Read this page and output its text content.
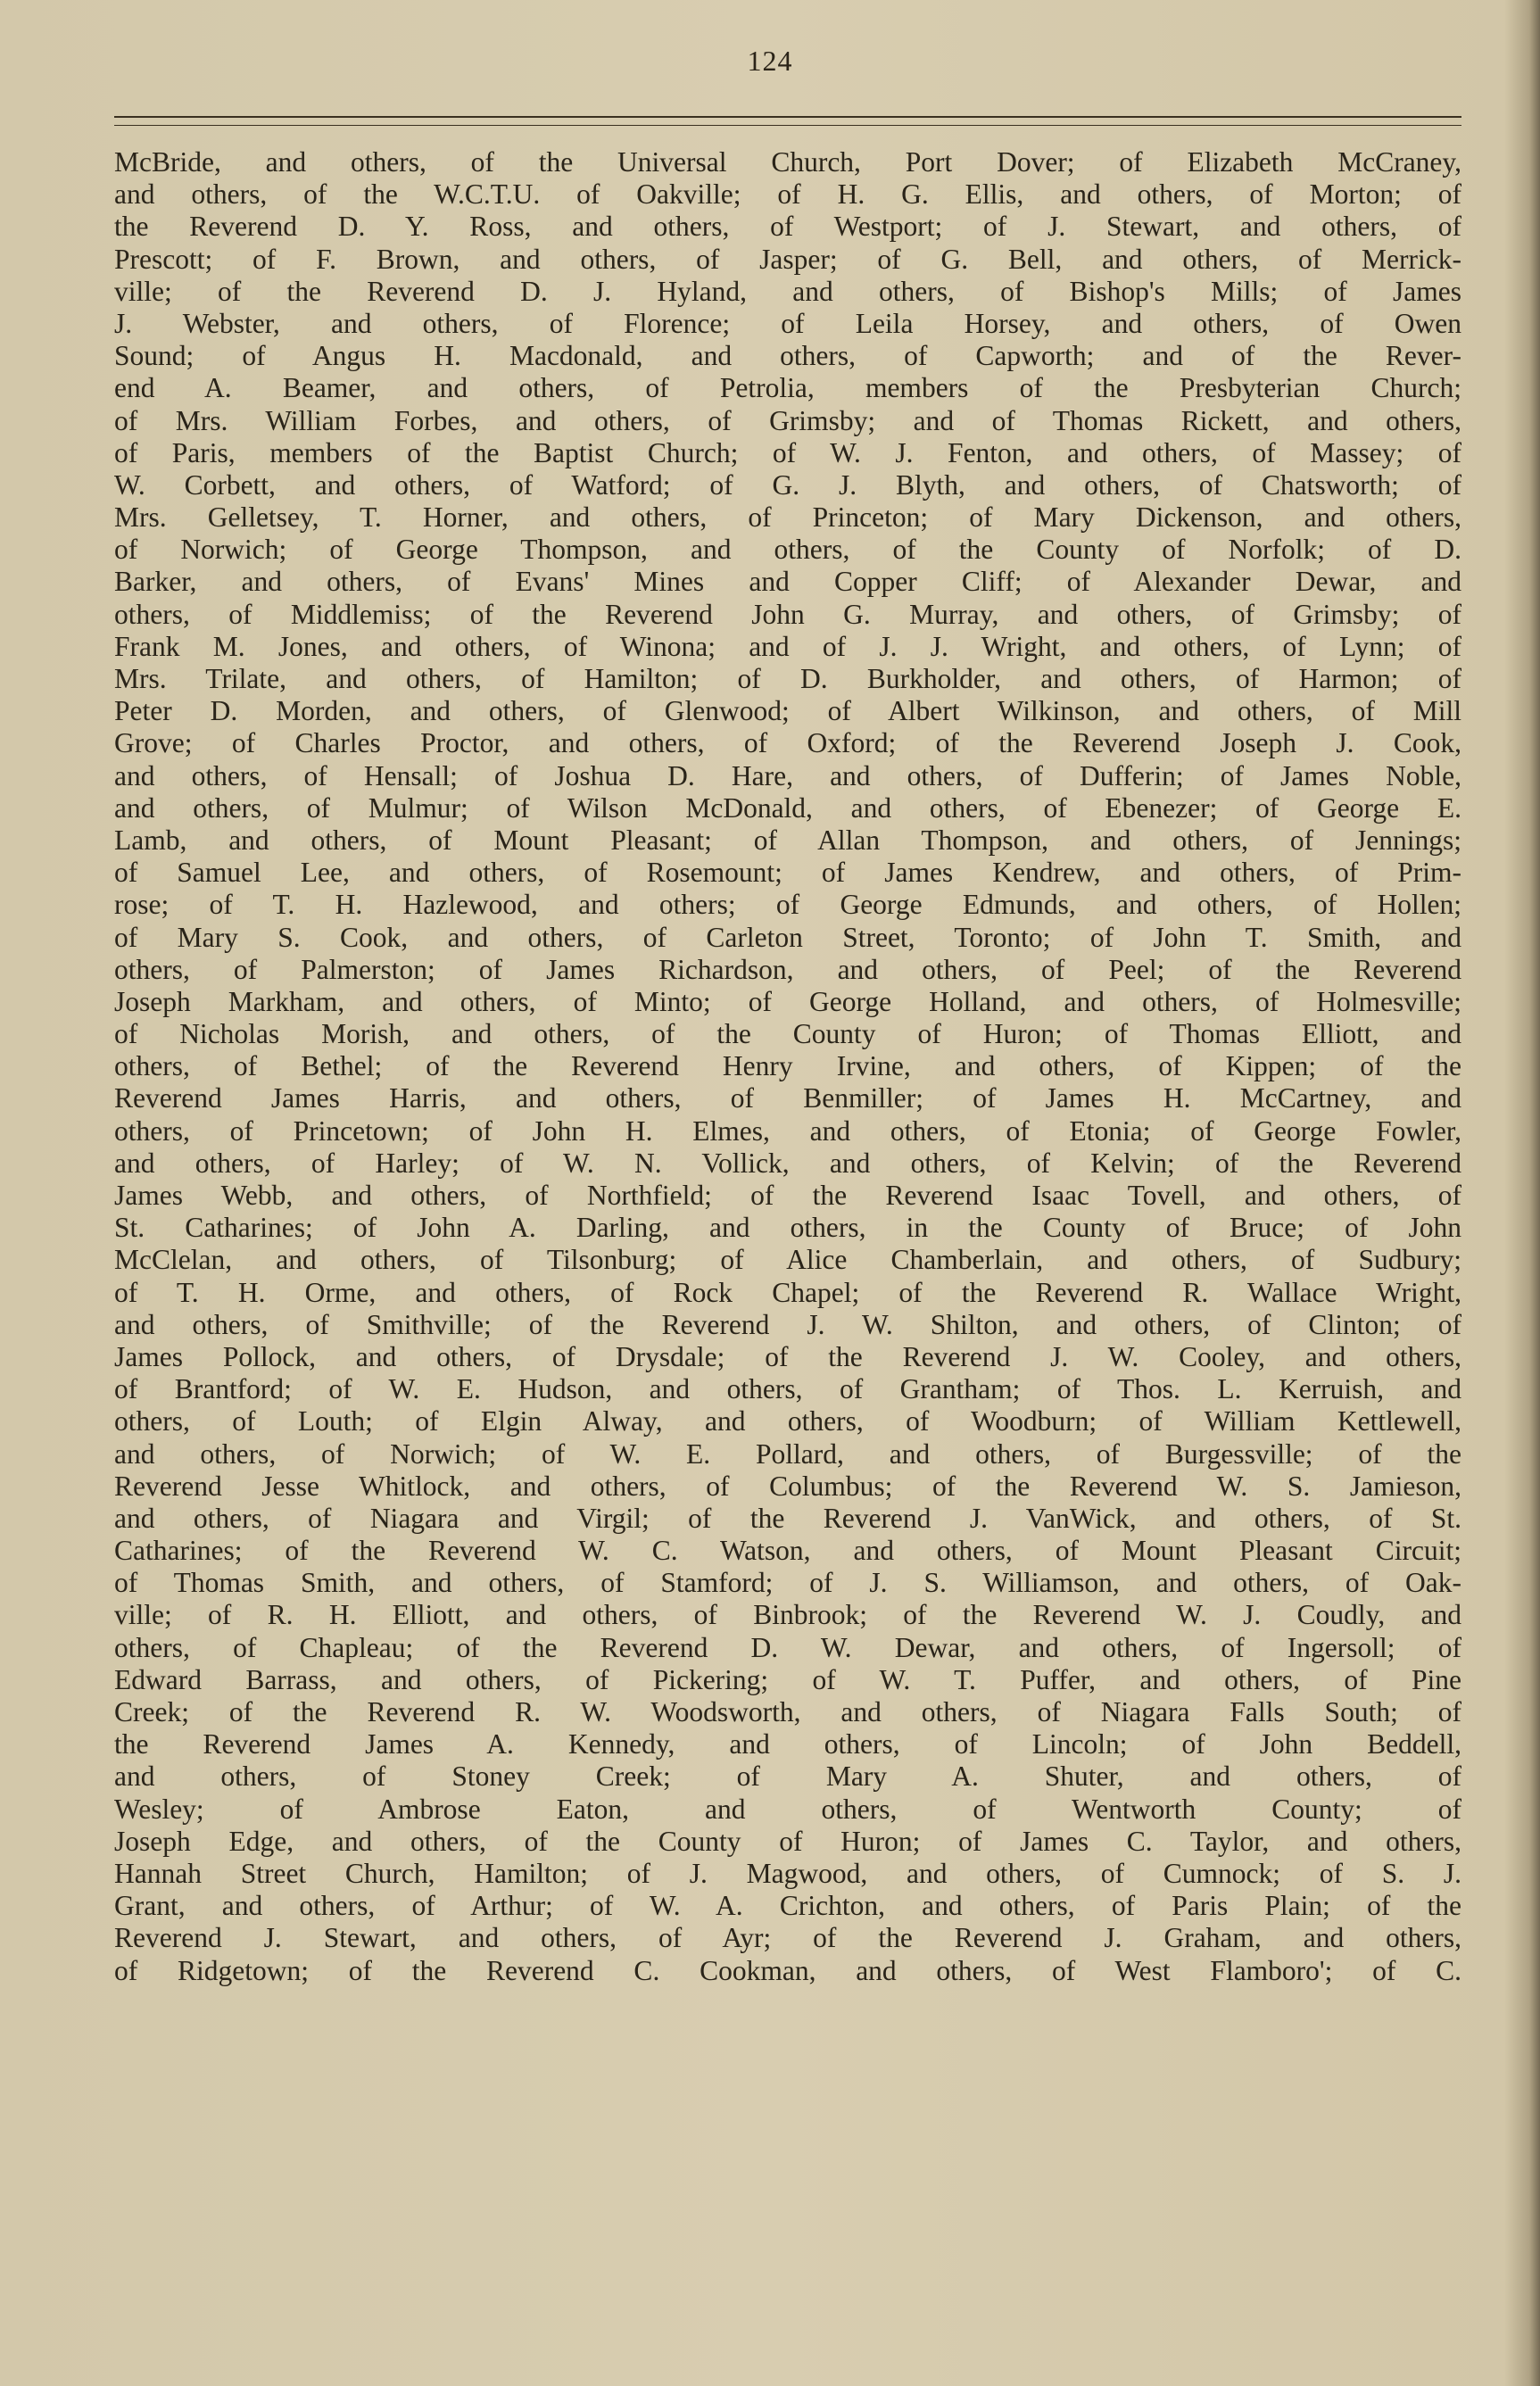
124
McBride, and others, of the Universal Church, Port Dover; of Elizabeth McCraney,
and others, of the W.C.T.U. of Oakville; of H. G. Ellis, and others, of Morton; of
the Reverend D. Y. Ross, and others, of Westport; of J. Stewart, and others, of
Prescott; of F. Brown, and others, of Jasper; of G. Bell, and others, of Merrick-
ville; of the Reverend D. J. Hyland, and others, of Bishop's Mills; of James
J. Webster, and others, of Florence; of Leila Horsey, and others, of Owen
Sound; of Angus H. Macdonald, and others, of Capworth; and of the Rever-
end A. Beamer, and others, of Petrolia, members of the Presbyterian Church;
of Mrs. William Forbes, and others, of Grimsby; and of Thomas Rickett, and others,
of Paris, members of the Baptist Church; of W. J. Fenton, and others, of Massey; of
W. Corbett, and others, of Watford; of G. J. Blyth, and others, of Chatsworth; of
Mrs. Gelletsey, T. Horner, and others, of Princeton; of Mary Dickenson, and others,
of Norwich; of George Thompson, and others, of the County of Norfolk; of D.
Barker, and others, of Evans' Mines and Copper Cliff; of Alexander Dewar, and
others, of Middlemiss; of the Reverend John G. Murray, and others, of Grimsby; of
Frank M. Jones, and others, of Winona; and of J. J. Wright, and others, of Lynn; of
Mrs. Trilate, and others, of Hamilton; of D. Burkholder, and others, of Harmon; of
Peter D. Morden, and others, of Glenwood; of Albert Wilkinson, and others, of Mill
Grove; of Charles Proctor, and others, of Oxford; of the Reverend Joseph J. Cook,
and others, of Hensall; of Joshua D. Hare, and others, of Dufferin; of James Noble,
and others, of Mulmur; of Wilson McDonald, and others, of Ebenezer; of George E.
Lamb, and others, of Mount Pleasant; of Allan Thompson, and others, of Jennings;
of Samuel Lee, and others, of Rosemount; of James Kendrew, and others, of Prim-
rose; of T. H. Hazlewood, and others; of George Edmunds, and others, of Hollen;
of Mary S. Cook, and others, of Carleton Street, Toronto; of John T. Smith, and
others, of Palmerston; of James Richardson, and others, of Peel; of the Reverend
Joseph Markham, and others, of Minto; of George Holland, and others, of Holmesville;
of Nicholas Morish, and others, of the County of Huron; of Thomas Elliott, and
others, of Bethel; of the Reverend Henry Irvine, and others, of Kippen; of the
Reverend James Harris, and others, of Benmiller; of James H. McCartney, and
others, of Princetown; of John H. Elmes, and others, of Etonia; of George Fowler,
and others, of Harley; of W. N. Vollick, and others, of Kelvin; of the Reverend
James Webb, and others, of Northfield; of the Reverend Isaac Tovell, and others, of
St. Catharines; of John A. Darling, and others, in the County of Bruce; of John
McClelan, and others, of Tilsonburg; of Alice Chamberlain, and others, of Sudbury;
of T. H. Orme, and others, of Rock Chapel; of the Reverend R. Wallace Wright,
and others, of Smithville; of the Reverend J. W. Shilton, and others, of Clinton; of
James Pollock, and others, of Drysdale; of the Reverend J. W. Cooley, and others,
of Brantford; of W. E. Hudson, and others, of Grantham; of Thos. L. Kerruish, and
others, of Louth; of Elgin Alway, and others, of Woodburn; of William Kettlewell,
and others, of Norwich; of W. E. Pollard, and others, of Burgessville; of the
Reverend Jesse Whitlock, and others, of Columbus; of the Reverend W. S. Jamieson,
and others, of Niagara and Virgil; of the Reverend J. VanWick, and others, of St.
Catharines; of the Reverend W. C. Watson, and others, of Mount Pleasant Circuit;
of Thomas Smith, and others, of Stamford; of J. S. Williamson, and others, of Oak-
ville; of R. H. Elliott, and others, of Binbrook; of the Reverend W. J. Coudly, and
others, of Chapleau; of the Reverend D. W. Dewar, and others, of Ingersoll; of
Edward Barrass, and others, of Pickering; of W. T. Puffer, and others, of Pine
Creek; of the Reverend R. W. Woodsworth, and others, of Niagara Falls South; of
the Reverend James A. Kennedy, and others, of Lincoln; of John Beddell,
and others, of Stoney Creek; of Mary A. Shuter, and others, of
Wesley; of Ambrose Eaton, and others, of Wentworth County; of
Joseph Edge, and others, of the County of Huron; of James C. Taylor, and others,
Hannah Street Church, Hamilton; of J. Magwood, and others, of Cumnock; of S. J.
Grant, and others, of Arthur; of W. A. Crichton, and others, of Paris Plain; of the
Reverend J. Stewart, and others, of Ayr; of the Reverend J. Graham, and others,
of Ridgetown; of the Reverend C. Cookman, and others, of West Flamboro'; of C.
